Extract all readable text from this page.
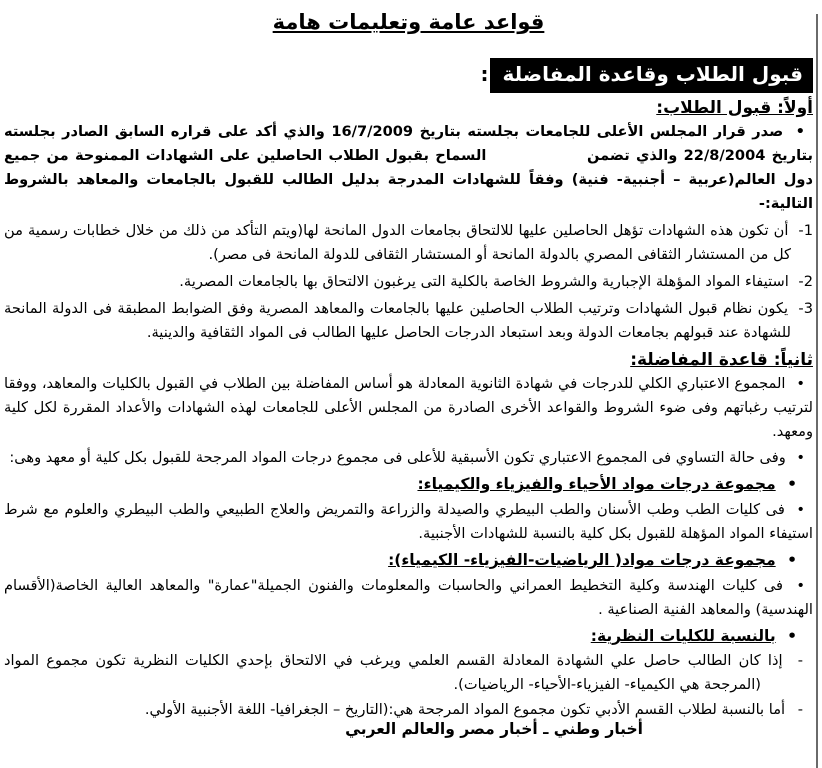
قواعد عامة وتعليمات هامة
قبول الطلاب وقاعدة المفاضلة
:
أولاً: قبول الطلاب:
• صدر قرار المجلس الأعلى للجامعات بجلسته بتاريخ 16/7/2009 والذي أكد على قراره السابق الصادر بجلسته بتاريخ 22/8/2004 والذي تضمن  السماح بقبول الطلاب الحاصلين على الشهادات الممنوحة من جميع دول العالم(عربية – أجنبية- فنية) وفقاً للشهادات المدرجة بدليل الطالب للقبول بالجامعات والمعاهد بالشروط التالية:-
1- أن تكون هذه الشهادات تؤهل الحاصلين عليها للالتحاق بجامعات الدول المانحة لها(ويتم التأكد من ذلك من خلال خطابات رسمية من كل من المستشار الثقافى المصري بالدولة المانحة أو المستشار الثقافى للدولة المانحة فى مصر).
2- استيفاء المواد المؤهلة الإجبارية والشروط الخاصة بالكلية التى يرغبون الالتحاق بها بالجامعات المصرية.
3- يكون نظام قبول الشهادات وترتيب الطلاب الحاصلين عليها بالجامعات والمعاهد المصرية وفق الضوابط المطبقة فى الدولة المانحة للشهادة عند قبولهم بجامعات الدولة وبعد استبعاد الدرجات الحاصل عليها الطالب فى المواد الثقافية والدينية.
ثانياً: قاعدة المفاضلة:
• المجموع الاعتباري الكلي للدرجات في شهادة الثانوية المعادلة هو أساس المفاضلة بين الطلاب في القبول بالكليات والمعاهد، ووفقا لترتيب رغباتهم وفى ضوء الشروط والقواعد الأخرى الصادرة من المجلس الأعلى للجامعات لهذه الشهادات والأعداد المقررة لكل كلية ومعهد.
• وفى حالة التساوي فى المجموع الاعتباري تكون الأسبقية للأعلى فى مجموع درجات المواد المرجحة للقبول بكل كلية أو معهد وهى:
• مجموعة درجات مواد الأحياء والفيزياء والكيمياء:
• فى كليات الطب وطب الأسنان والطب البيطري والصيدلة والزراعة والتمريض والعلاج الطبيعي والطب البيطري والعلوم مع شرط استيفاء المواد المؤهلة للقبول بكل كلية بالنسبة للشهادات الأجنبية.
• مجموعة درجات مواد( الرياضيات-الفيزياء- الكيمياء):
• فى كليات الهندسة وكلية التخطيط العمراني والحاسبات والمعلومات والفنون الجميلة"عمارة" والمعاهد العالية الخاصة(الأقسام الهندسية) والمعاهد الفنية الصناعية .
• بالنسبة للكليات النظرية:
- إذا كان الطالب حاصل علي الشهادة المعادلة القسم العلمي ويرغب في الالتحاق بإحدي الكليات النظرية تكون مجموع المواد (المرجحة هي الكيمياء- الفيزياء-الأحياء- الرياضيات).
- أما بالنسبة لطلاب القسم الأدبي تكون مجموع المواد المرجحة هي:(التاريخ – الجغرافيا- اللغة الأجنبية الأولي.
أخبار وطني ـ أخبار مصر والعالم العربي
